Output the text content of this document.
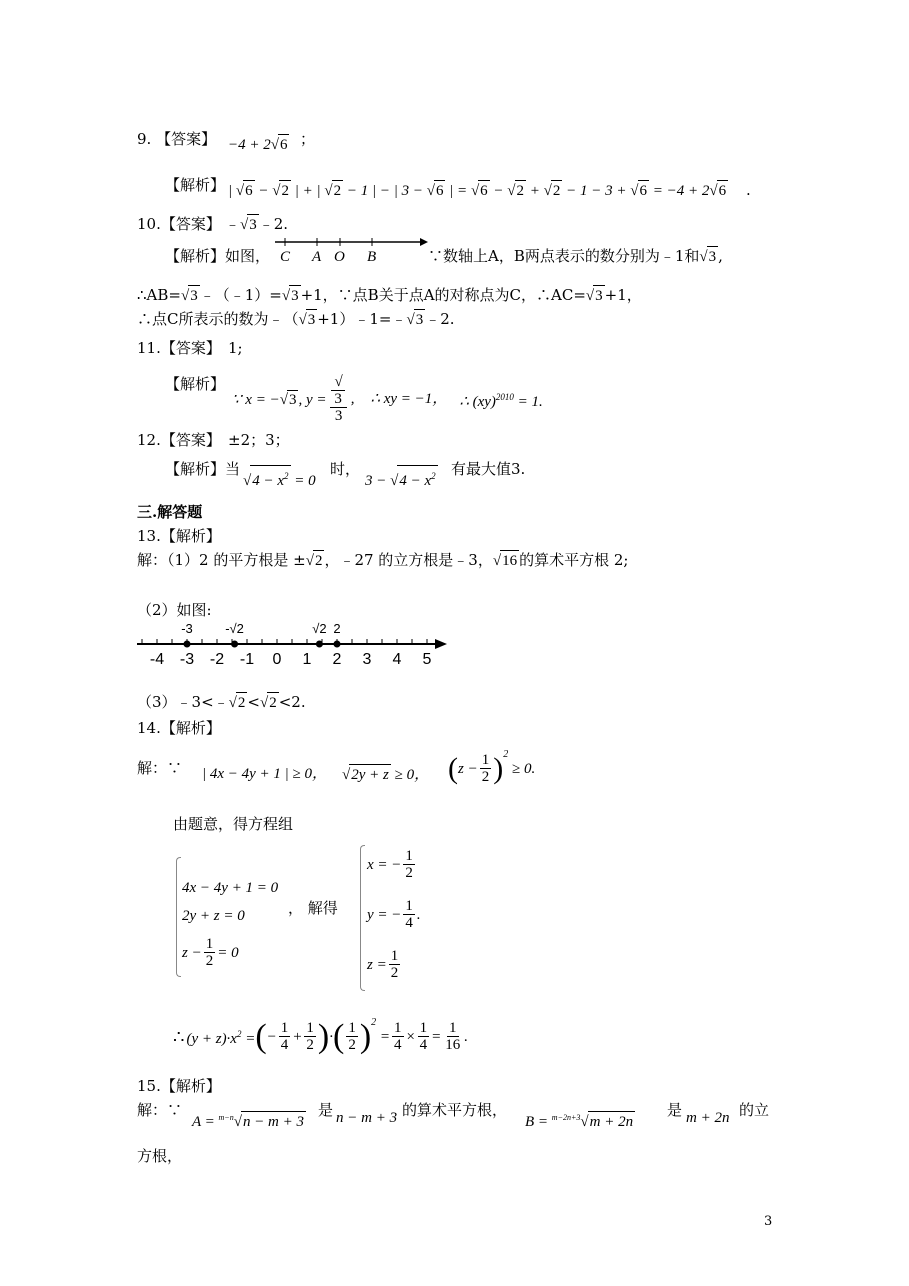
9. 【答案】 −4 + 2√6 ；
【解析】 | √6 − √2 | + | √2 − 1 | − | 3 − √6 | = √6 − √2 + √2 − 1 − 3 + √6 = −4 + 2√6 .
10.【答案】 ﹣√3 ﹣2.
【解析】如图， C A O B	∵数轴上A，B两点表示的数分别为﹣1和√3 ,
∴AB=√3 ﹣（﹣1）=√3 +1，∵点B关于点A的对称点为C，∴AC=√3 +1，
∴点C所表示的数为﹣（√3 +1）﹣1=﹣√3 ﹣2.
11.【答案】 1;
【解析】
∵ x = −√3 , y = √
3
3 , ∴ xy = −1， ∴ (xy)$^{2010}$ = 1.
12.【答案】 ±2；3；
【解析】当
$√4 - x^2 = 0$
时，
$3 - √4 - x^2$ 有最大值3.
三.解答题
13.【解析】
解：（1）2 的平方根是 ±√2 ，﹣27 的立方根是﹣3，√16 的算术平方根 2;
（2）如图:
-4 -3 -2 -1 0 1 2 3 4 5
-3 -√2	√2 2
（3）﹣3<﹣√2 <√2 <2.
14.【解析】
解：∵ | 4x − 4y + 1 | ≥ 0， √2y + z ≥ 0， ( $z - \frac{1}{2}$ ) 2
≥ 0.
由题意，得方程组
4x − 4y + 1 = 0
2y + z = 0
$z - \frac{1}{2} = 0$
， 解得
x = − $\frac{1}{2}$
y = − $\frac{1}{4}$ .
$z = \frac{1}{2}$
∴ $(y + z)\cdot x^2$ = ( − $\frac{1}{4} + \frac{1}{2}$ ) · ( $\frac{1}{2}$ ) 2
= $\frac{1}{4} \times \frac{1}{4} = \frac{1}{16}$ .
15.【解析】
解：∵
A = $^{m-n}$√n − m + 3
是 n − m + 3 的算术平方根，
B = $^{m-2n+3}$√m + 2n
是 m + 2n 的立
方根，
3
